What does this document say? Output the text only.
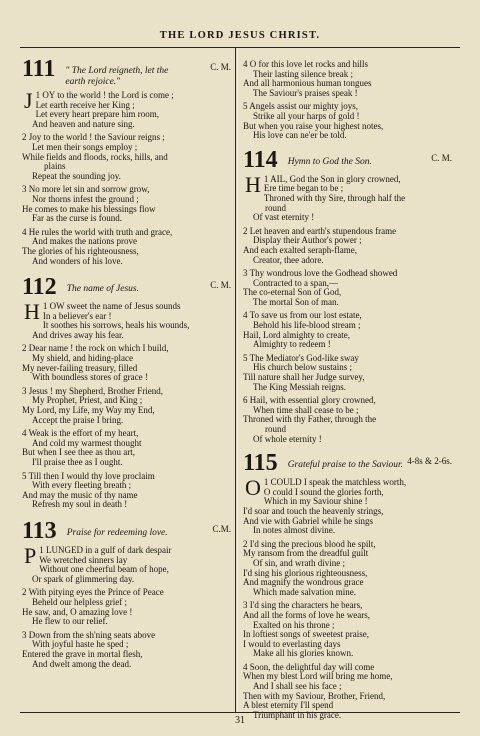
THE LORD JESUS CHRIST.
111 " The Lord reigneth, let the earth rejoice."
C. M.
J 1 OY to the world ! the Lord is come ;
Let earth receive her King ;
Let every heart prepare him room,
And heaven and nature sing.
2 Joy to the world ! the Saviour reigns ;
Let men their songs employ ;
While fields and floods, rocks, hills, and
plains
Repeat the sounding joy.
3 No more let sin and sorrow grow,
Nor thorns infest the ground ;
He comes to make his blessings flow
Far as the curse is found.
4 He rules the world with truth and grace,
And makes the nations prove
The glories of his righteousness,
And wonders of his love.
112 The name of Jesus.	C. M.
H 1 OW sweet the name of Jesus sounds
In a believer's ear !
It soothes his sorrows, heals his wounds,
And drives away his fear.
2 Dear name ! the rock on which I build,
My shield, and hiding-place
My never-failing treasury, filled
With boundless stores of grace !
3 Jesus ! my Shepherd, Brother Friend,
My Prophet, Priest, and King ;
My Lord, my Life, my Way my End,
Accept the praise I bring.
4 Weak is the effort of my heart,
And cold my warmest thought
But when I see thee as thou art,
I'll praise thee as I ought.
5 Till then I would thy love proclaim
With every fleeting breath ;
And may the music of thy name
Refresh my soul in death !
113 Praise for redeeming love.	C.M.
P 1 LUNGED in a gulf of dark despair
We wretched sinners lay
Without one cheerful beam of hope,
Or spark of glimmering day.
2 With pitying eyes the Prince of Peace
Beheld our helpless grief ;
He saw, and, O amazing love !
He flew to our relief.
3 Down from the sh'ning seats above
With joyful haste he sped ;
Entered the grave in mortal flesh,
And dwelt among the dead.
4 O for this love let rocks and hills
Their lasting silence break ;
And all harmonious human tongues
The Saviour's praises speak !
5 Angels assist our mighty joys,
Strike all your harps of gold !
But when you raise your highest notes,
His love can ne'er be told.
114 Hymn to God the Son.	C. M.
H 1 AIL, God the Son in glory crowned,
Ere time began to be ;
Throned with thy Sire, through half the
round
Of vast eternity !
2 Let heaven and earth's stupendous frame
Display their Author's power ;
And each exalted seraph-flame,
Creator, thee adore.
3 Thy wondrous love the Godhead showed
Contracted to a span,—
The co-eternal Son of God,
The mortal Son of man.
4 To save us from our lost estate,
Behold his life-blood stream ;
Hail, Lord almighty to create,
Almighty to redeem !
5 The Mediator's God-like sway
His church below sustains ;
Till nature shall her Judge survey,
The King Messiah reigns.
6 Hail, with essential glory crowned,
When time shall cease to be ;
Throned with thy Father, through the
round
Of whole eternity !
115 Grateful praise to the Saviour. 4-8s & 2-6s.
O 1 COULD I speak the matchless worth,
O could I sound the glories forth,
Which in my Saviour shine !
I'd soar and touch the heavenly strings,
And vie with Gabriel while he sings
In notes almost divine.
2 I'd sing the precious blood he spilt,
My ransom from the dreadful guilt
Of sin, and wrath divine ;
I'd sing his glorious righteousness,
And magnify the wondrous grace
Which made salvation mine.
3 I'd sing the characters he bears,
And all the forms of love he wears,
Exalted on his throne ;
In loftiest songs of sweetest praise,
I would to everlasting days
Make all his glories known.
4 Soon, the delightful day will come
When my blest Lord will bring me home,
And I shall see his face ;
Then with my Saviour, Brother, Friend,
A blest eternity I'll spend
Triumphant in his grace.
31
